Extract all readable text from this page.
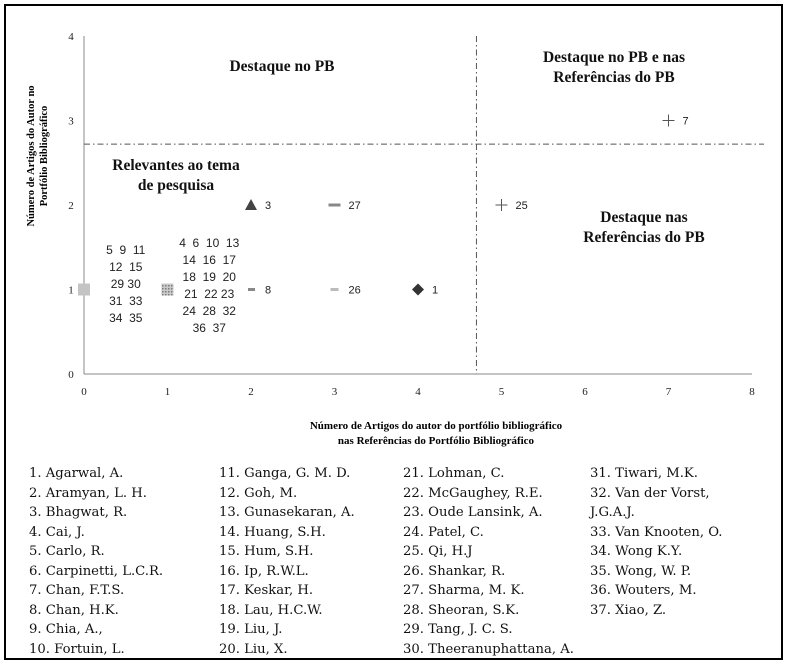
0	1	2	3	4	5	6	7	8
0
1
2
3
4
Número de Artigos do Autor no Portfólio Bibliográfico
Destaque no PB
Destaque no PB e nas
Referências do PB
Relevantes ao tema
de pesquisa
Destaque nas
Referências do PB
5  9  11
12  15
29 30
31  33
34  35
4  6  10  13
14  16  17
18  19  20
21  22 23
24  28  32
36  37
3	27
8	26	1
25
7
Número de Artigos do autor do portfólio bibliográfico
nas Referências do Portfólio Bibliográfico
1. Agarwal, A.
2. Aramyan, L. H.
3. Bhagwat, R.
4. Cai, J.
5. Carlo, R.
6. Carpinetti, L.C.R.
7. Chan, F.T.S.
8. Chan, H.K.
9. Chia, A.,
10. Fortuin, L.
11. Ganga, G. M. D.
12. Goh, M.
13. Gunasekaran, A.
14. Huang, S.H.
15. Hum, S.H.
16. Ip, R.W.L.
17. Keskar, H.
18. Lau, H.C.W.
19. Liu, J.
20. Liu, X.
21. Lohman, C.
22. McGaughey, R.E.
23. Oude Lansink, A.
24. Patel, C.
25. Qi, H.J
26. Shankar, R.
27. Sharma, M. K.
28. Sheoran, S.K.
29. Tang, J. C. S.
30. Theeranuphattana, A.
31. Tiwari, M.K.
32. Van der Vorst,
J.G.A.J.
33. Van Knooten, O.
34. Wong K.Y.
35. Wong, W. P.
36. Wouters, M.
37. Xiao, Z.
